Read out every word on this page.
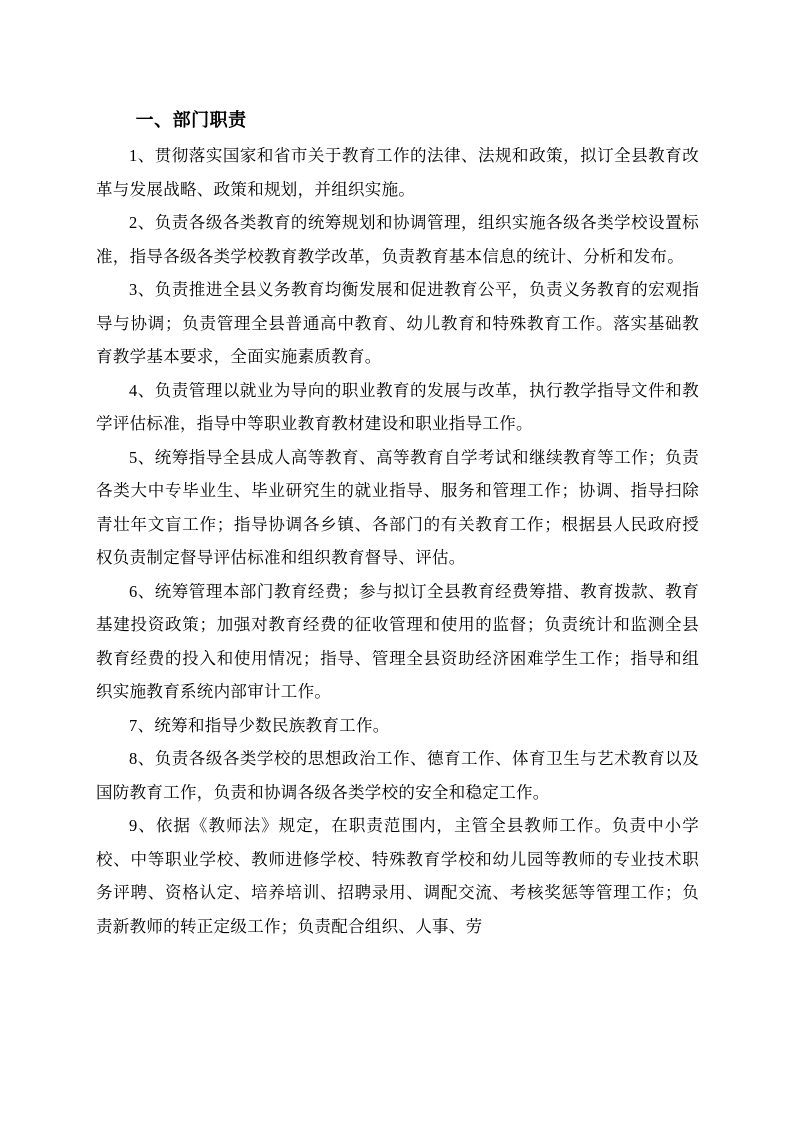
一、部门职责

1、贯彻落实国家和省市关于教育工作的法律、法规和政策，拟订全县教育改革与发展战略、政策和规划，并组织实施。

2、负责各级各类教育的统筹规划和协调管理，组织实施各级各类学校设置标准，指导各级各类学校教育教学改革，负责教育基本信息的统计、分析和发布。

3、负责推进全县义务教育均衡发展和促进教育公平，负责义务教育的宏观指导与协调；负责管理全县普通高中教育、幼儿教育和特殊教育工作。落实基础教育教学基本要求，全面实施素质教育。

4、负责管理以就业为导向的职业教育的发展与改革，执行教学指导文件和教学评估标准，指导中等职业教育教材建设和职业指导工作。

5、统筹指导全县成人高等教育、高等教育自学考试和继续教育等工作；负责各类大中专毕业生、毕业研究生的就业指导、服务和管理工作；协调、指导扫除青壮年文盲工作；指导协调各乡镇、各部门的有关教育工作；根据县人民政府授权负责制定督导评估标准和组织教育督导、评估。

6、统筹管理本部门教育经费；参与拟订全县教育经费筹措、教育拨款、教育基建投资政策；加强对教育经费的征收管理和使用的监督；负责统计和监测全县教育经费的投入和使用情况；指导、管理全县资助经济困难学生工作；指导和组织实施教育系统内部审计工作。

7、统筹和指导少数民族教育工作。

8、负责各级各类学校的思想政治工作、德育工作、体育卫生与艺术教育以及国防教育工作，负责和协调各级各类学校的安全和稳定工作。

9、依据《教师法》规定，在职责范围内，主管全县教师工作。负责中小学校、中等职业学校、教师进修学校、特殊教育学校和幼儿园等教师的专业技术职务评聘、资格认定、培养培训、招聘录用、调配交流、考核奖惩等管理工作；负责新教师的转正定级工作；负责配合组织、人事、劳
